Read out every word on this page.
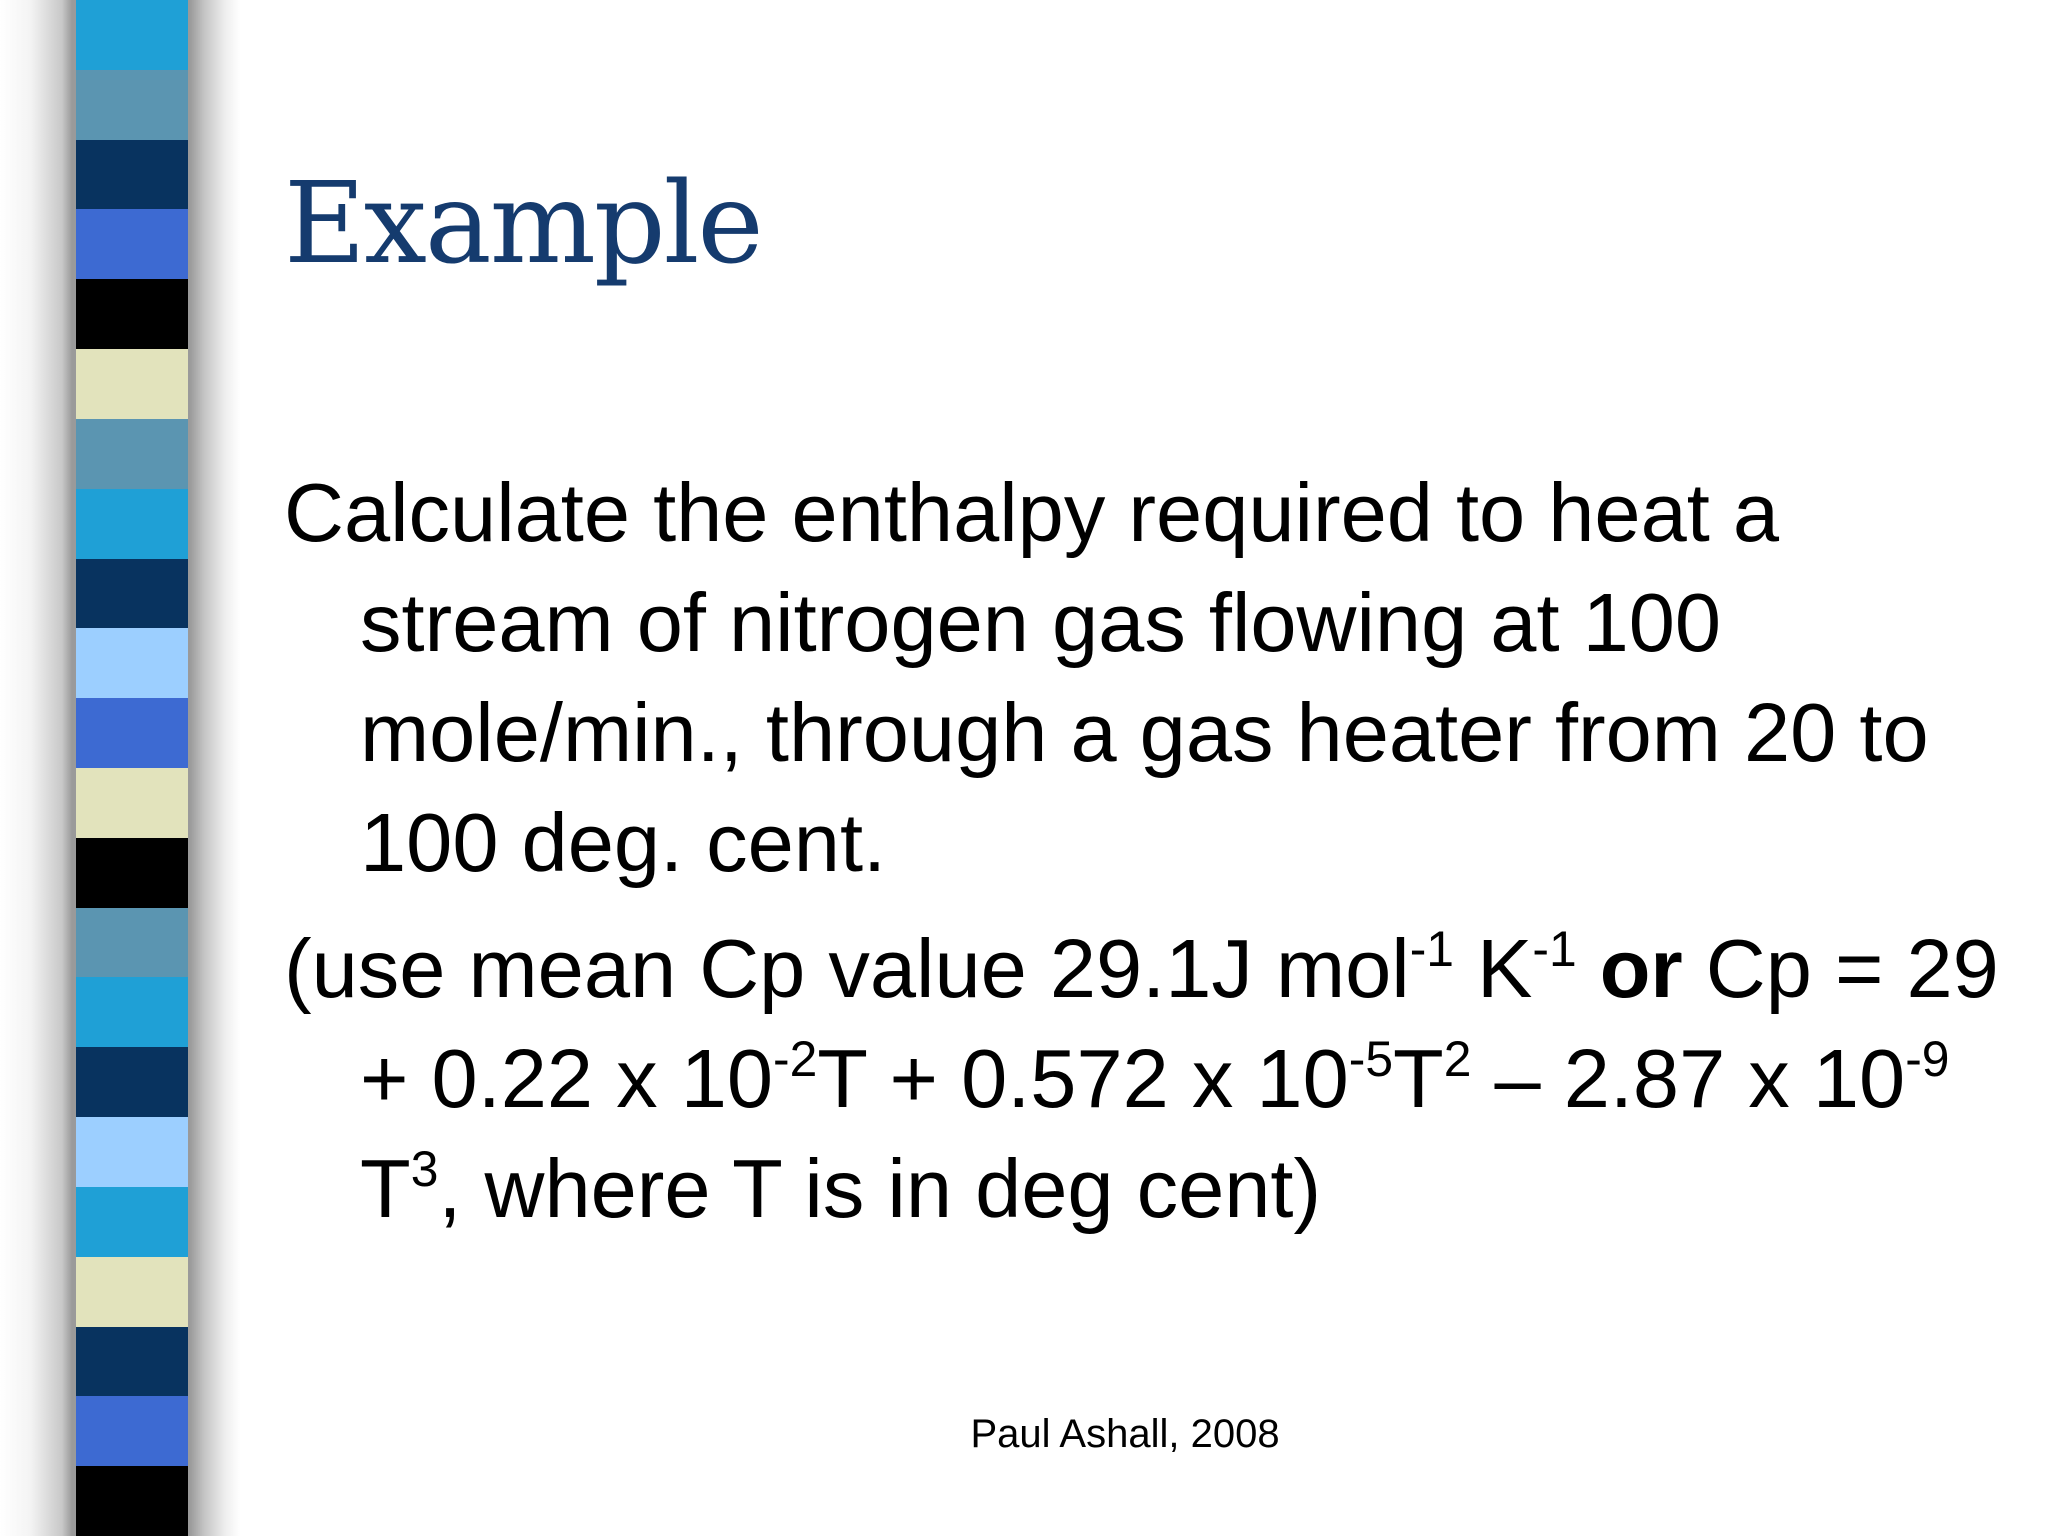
Example

Calculate the enthalpy required to heat a stream of nitrogen gas flowing at 100 mole/min., through a gas heater from 20 to 100 deg. cent.

(use mean Cp value 29.1J mol$^{-1}$ $K^{-1}$ or Cp = 29 + 0.22 x $10^{-2}T + 0.572$ x $10^{-5}T^2 - 2.87$ x $10^{-9}$ $T^3$, where T is in deg cent)

Paul Ashall, 2008
